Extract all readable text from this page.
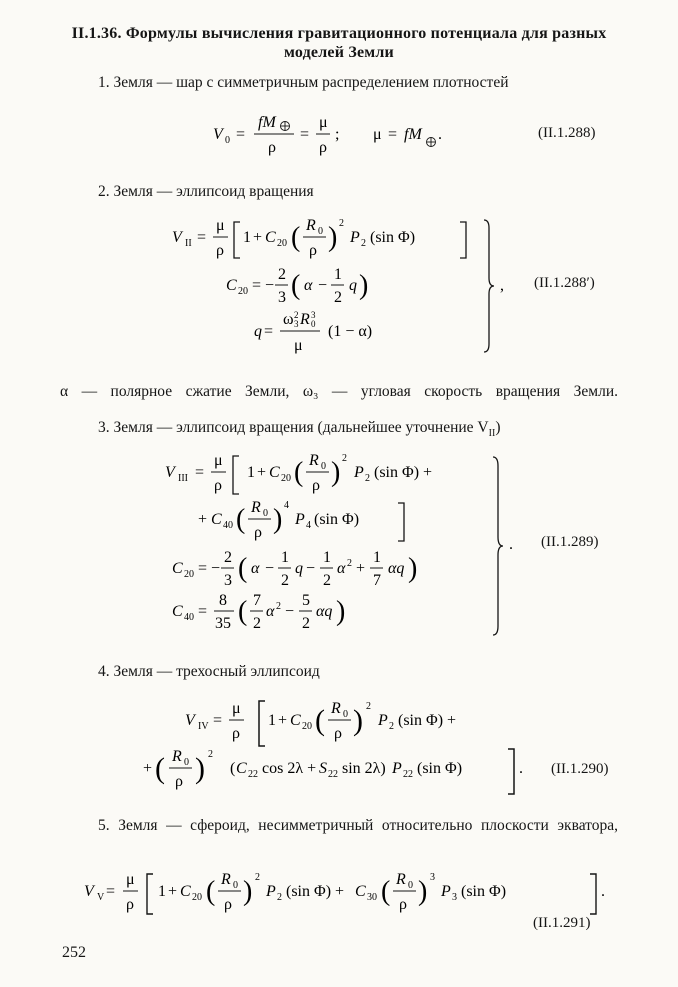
II.1.36. Формулы вычисления гравитационного потенциала для разных моделей Земли
1. Земля — шар с симметричным распределением плотностей
(II.1.288)
2. Земля — эллипсоид вращения
(II.1.288′)
α — полярное сжатие Земли, ω₃ — угловая скорость вращения Земли.
3. Земля — эллипсоид вращения (дальнейшее уточнение $V_{II}$)
(II.1.289)
4. Земля — трехосный эллипсоид
(II.1.290)
5. Земля — сфероид, несимметричный относительно плоскости экватора,
(II.1.291)
252
V 0 =
fM
ρ
=
μ
ρ
; μ = fM .
V II =
μ
ρ
1 + C 20 ( R 0
ρ ) 2
P 2 (sin Φ)
C 20 = −
2
3 ( α −
1
2
q )
q =
ω 3
2 R 0
3
μ
(1 − α)
,
V III =
μ
ρ
1 + C 20 ( R 0
ρ ) 2
P 2 (sin Φ) +
+ C 40 ( R 0
ρ ) 4
P 4 (sin Φ)
C 20 = −
2
3 ( α −
1
2
q −
1
2
α 2 +
1
7
αq )
C 40 =
8
35 ( 7
2
α 2 −
5
2
αq )
.
V IV =
μ
ρ
1 + C 20 ( R 0
ρ ) 2
P 2 (sin Φ) +
+ ( R 0
ρ ) 2
( C 22 cos 2λ + S 22 sin 2λ) P 22 (sin Φ)	.
V V =
μ
ρ
1 + C 20 ( R 0
ρ ) 2
P 2 (sin Φ) + C 30 ( R 0
ρ ) 3
P 3 (sin Φ)	.
